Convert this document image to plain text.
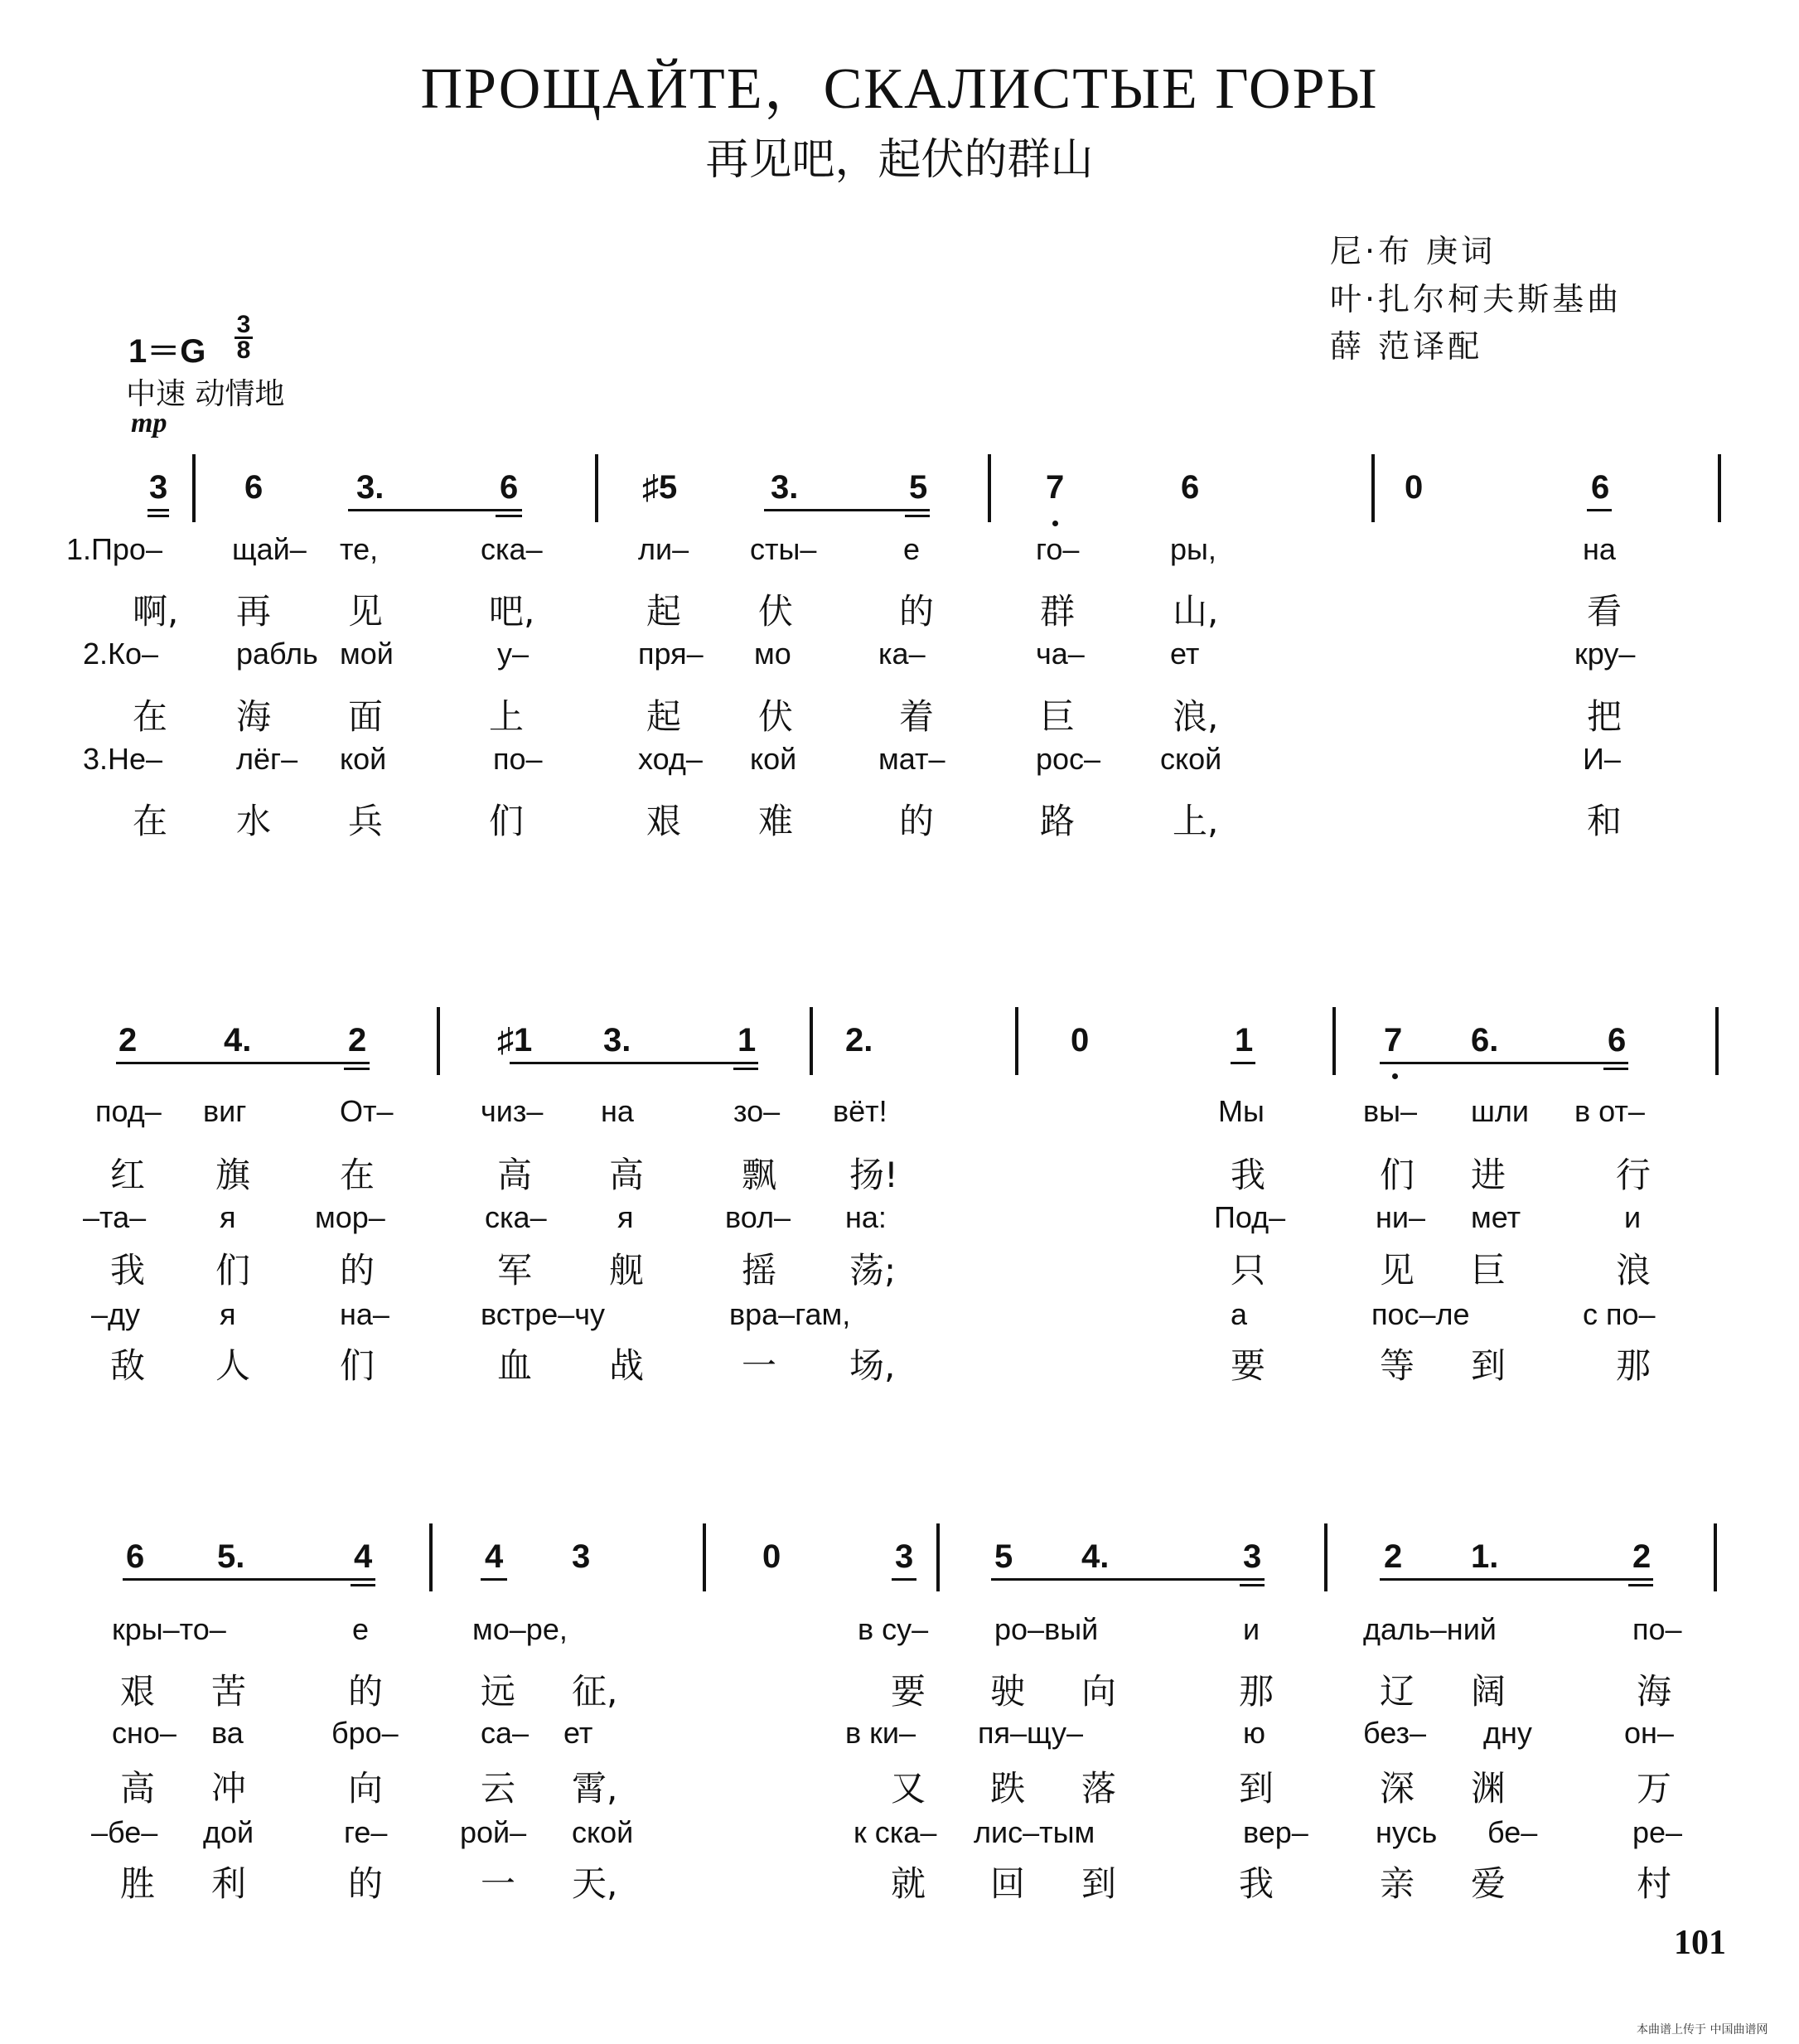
ПРОЩАЙТЕ，СКАЛИСТЫЕ ГОРЫ
再见吧，起伏的群山
尼·布 庚词
叶·扎尔柯夫斯基曲
薛 范译配
1＝G
3
8
中速 动情地
mp
3 6	3.	6	♯5	3.	5	7	6	0	6
1.Про– щай– те,	ска–	ли– сты–	е	го–	ры,	на
啊, 再 见	吧,	起 伏	的	群	山,	看
2.Ко–	рабль мой	у–	пря– мо	ка–	ча–	ет	кру–
在 海 面	上	起 伏	着	巨	浪,	把
3.Не– лёг– кой	по–	ход– кой	мат–	рос– ской	И–
在 水 兵	们	艰 难	的	路	上,	和
2	4.	2	♯1 3.	1	2.	0	1	7 6.	6
под– виг	От–	чиз– на	зо– вёт!	Мы	вы– шли в от–
红 旗	在	高 高	飘 扬!	我	们 进	行
–та– я	мор–	ска– я	вол– на:	Под–	ни– мет	и
我 们	的	军 舰	摇 荡;	只	见 巨	浪
–ду	я	на–	встре–чу	вра–гам,	а	пос–ле	с по–
敌 人	们	血 战	一 场,	要	等 到	那
6 5.	4	4 3	0	3 5 4.	3	2 1.	2
кры–то–	е	мо–ре,	в су– ро–вый	и	даль–ний	по–
艰 苦	的	远 征,	要 驶 向	那	辽 阔	海
сно– ва	бро–	са– ет	в ки– пя–щу–	ю	без– дну	он–
高 冲	向	云 霄,	又 跌 落	到	深 渊	万
–бе– дой	ге– рой– ской	к ска– лис–тым	вер– нусь бе–	ре–
胜 利	的	一 天,	就 回 到	我	亲 爱	村
101
本曲谱上传于 中国曲谱网
